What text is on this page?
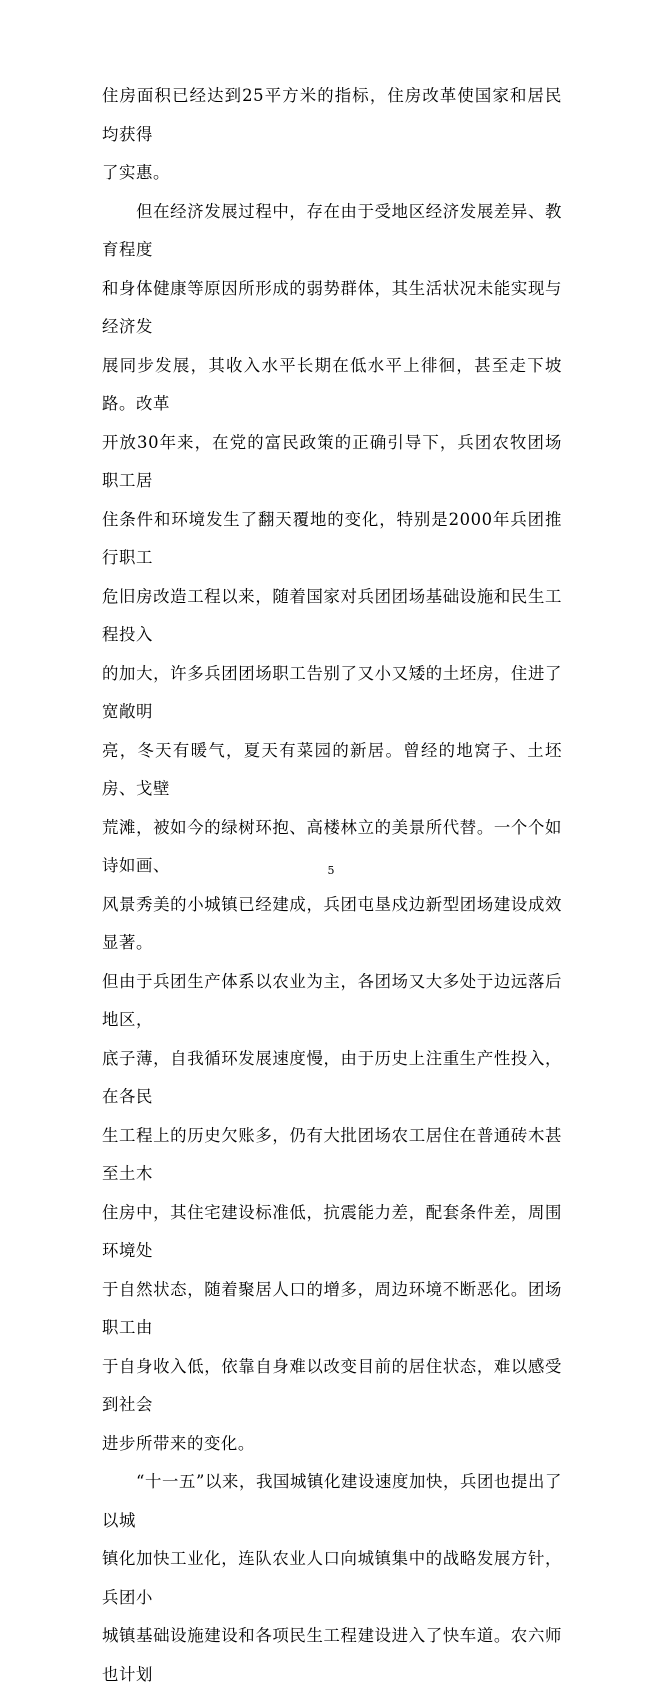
住房面积已经达到25平方米的指标，住房改革使国家和居民均获得

了实惠。

　　但在经济发展过程中，存在由于受地区经济发展差异、教育程度

和身体健康等原因所形成的弱势群体，其生活状况未能实现与经济发

展同步发展，其收入水平长期在低水平上徘徊，甚至走下坡路。改革

开放30年来，在党的富民政策的正确引导下，兵团农牧团场职工居

住条件和环境发生了翻天覆地的变化，特别是2000年兵团推行职工

危旧房改造工程以来，随着国家对兵团团场基础设施和民生工程投入

的加大，许多兵团团场职工告别了又小又矮的土坯房，住进了宽敞明

亮，冬天有暖气，夏天有菜园的新居。曾经的地窝子、土坯房、戈壁

荒滩，被如今的绿树环抱、高楼林立的美景所代替。一个个如诗如画、

风景秀美的小城镇已经建成，兵团屯垦戍边新型团场建设成效显著。

但由于兵团生产体系以农业为主，各团场又大多处于边远落后地区，

底子薄，自我循环发展速度慢，由于历史上注重生产性投入，在各民

生工程上的历史欠账多，仍有大批团场农工居住在普通砖木甚至土木

住房中，其住宅建设标准低，抗震能力差，配套条件差，周围环境处

于自然状态，随着聚居人口的增多，周边环境不断恶化。团场职工由

于自身收入低，依靠自身难以改变目前的居住状态，难以感受到社会

进步所带来的变化。

　　“十一五”以来，我国城镇化建设速度加快，兵团也提出了以城

镇化加快工业化，连队农业人口向城镇集中的战略发展方针，兵团小

城镇基础设施建设和各项民生工程建设进入了快车道。农六师也计划

5
